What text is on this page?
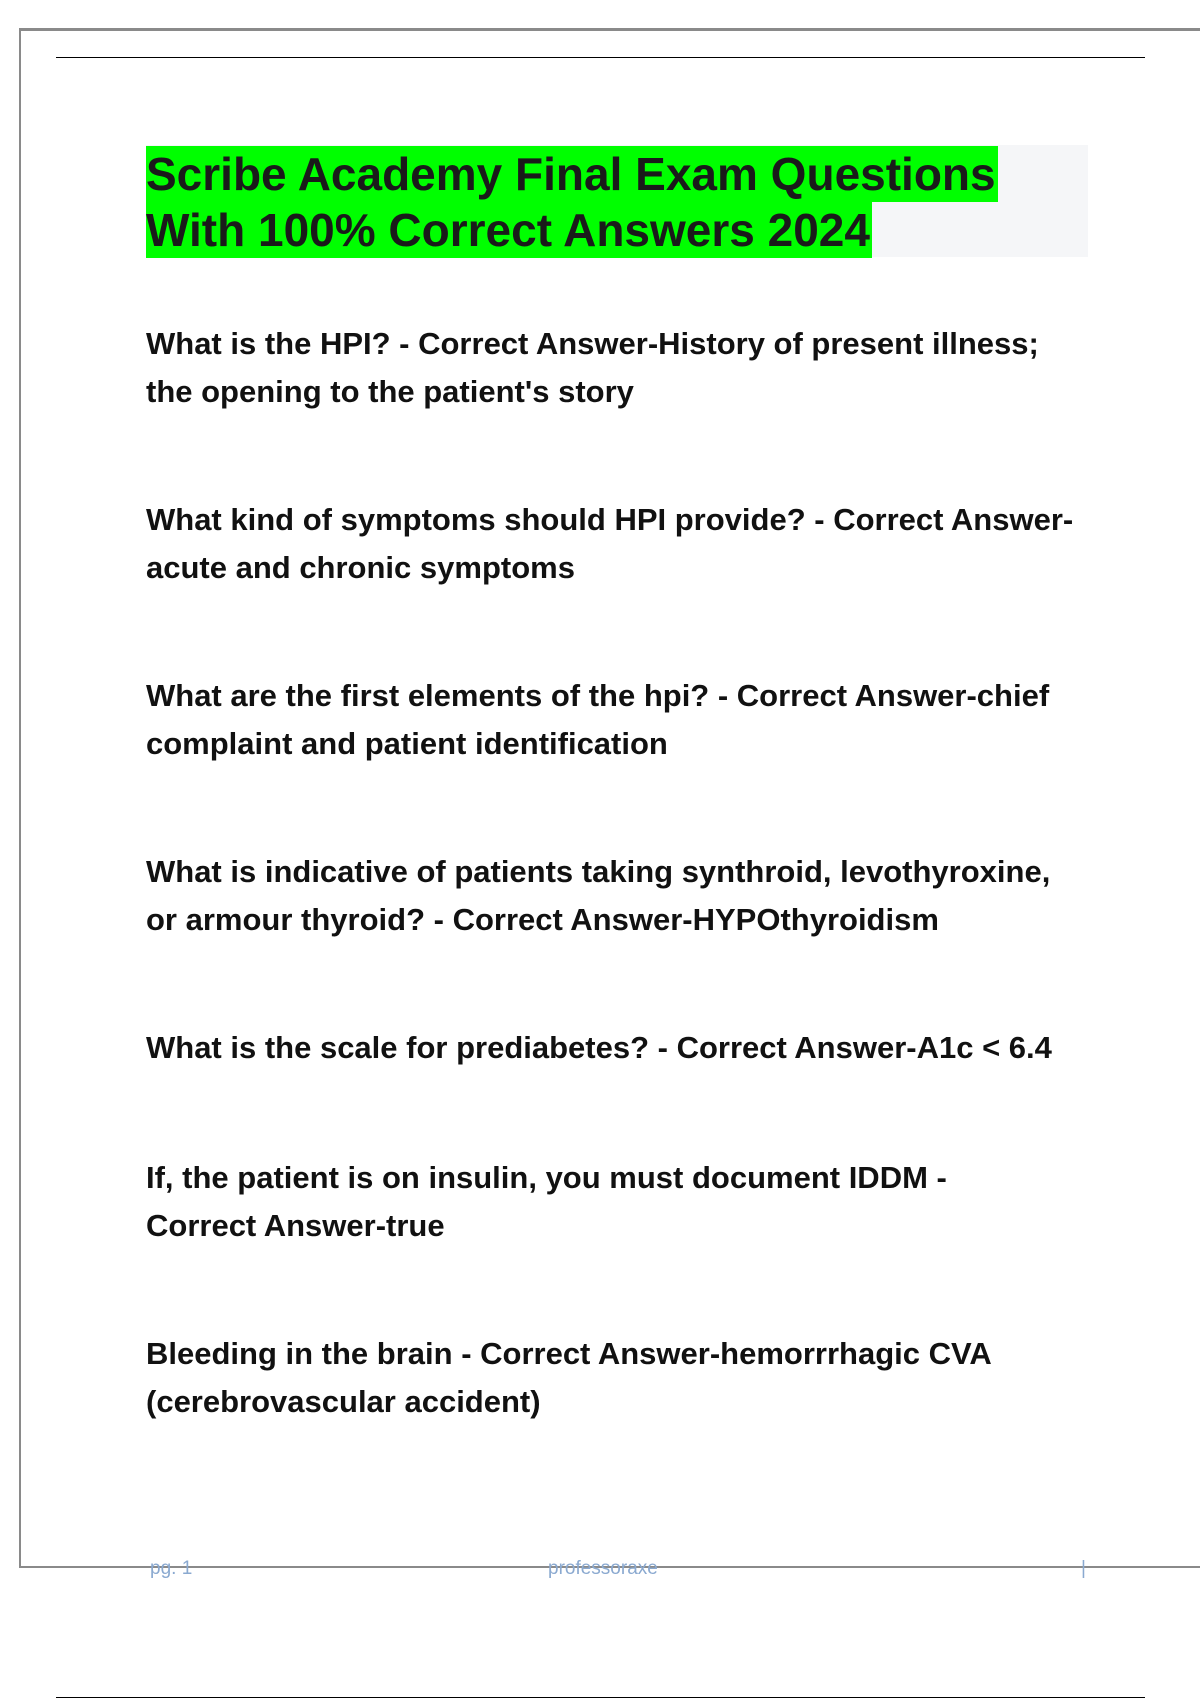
Scribe Academy Final Exam Questions
With 100% Correct Answers 2024
What is the HPI? - Correct Answer-History of present illness;
the opening to the patient's story
What kind of symptoms should HPI provide? - Correct Answer-
acute and chronic symptoms
What are the first elements of the hpi? - Correct Answer-chief
complaint and patient identification
What is indicative of patients taking synthroid, levothyroxine,
or armour thyroid? - Correct Answer-HYPOthyroidism
What is the scale for prediabetes? - Correct Answer-A1c < 6.4
If, the patient is on insulin, you must document IDDM -
Correct Answer-true
Bleeding in the brain - Correct Answer-hemorrrhagic CVA
(cerebrovascular accident)
pg. 1	professoraxe	|
